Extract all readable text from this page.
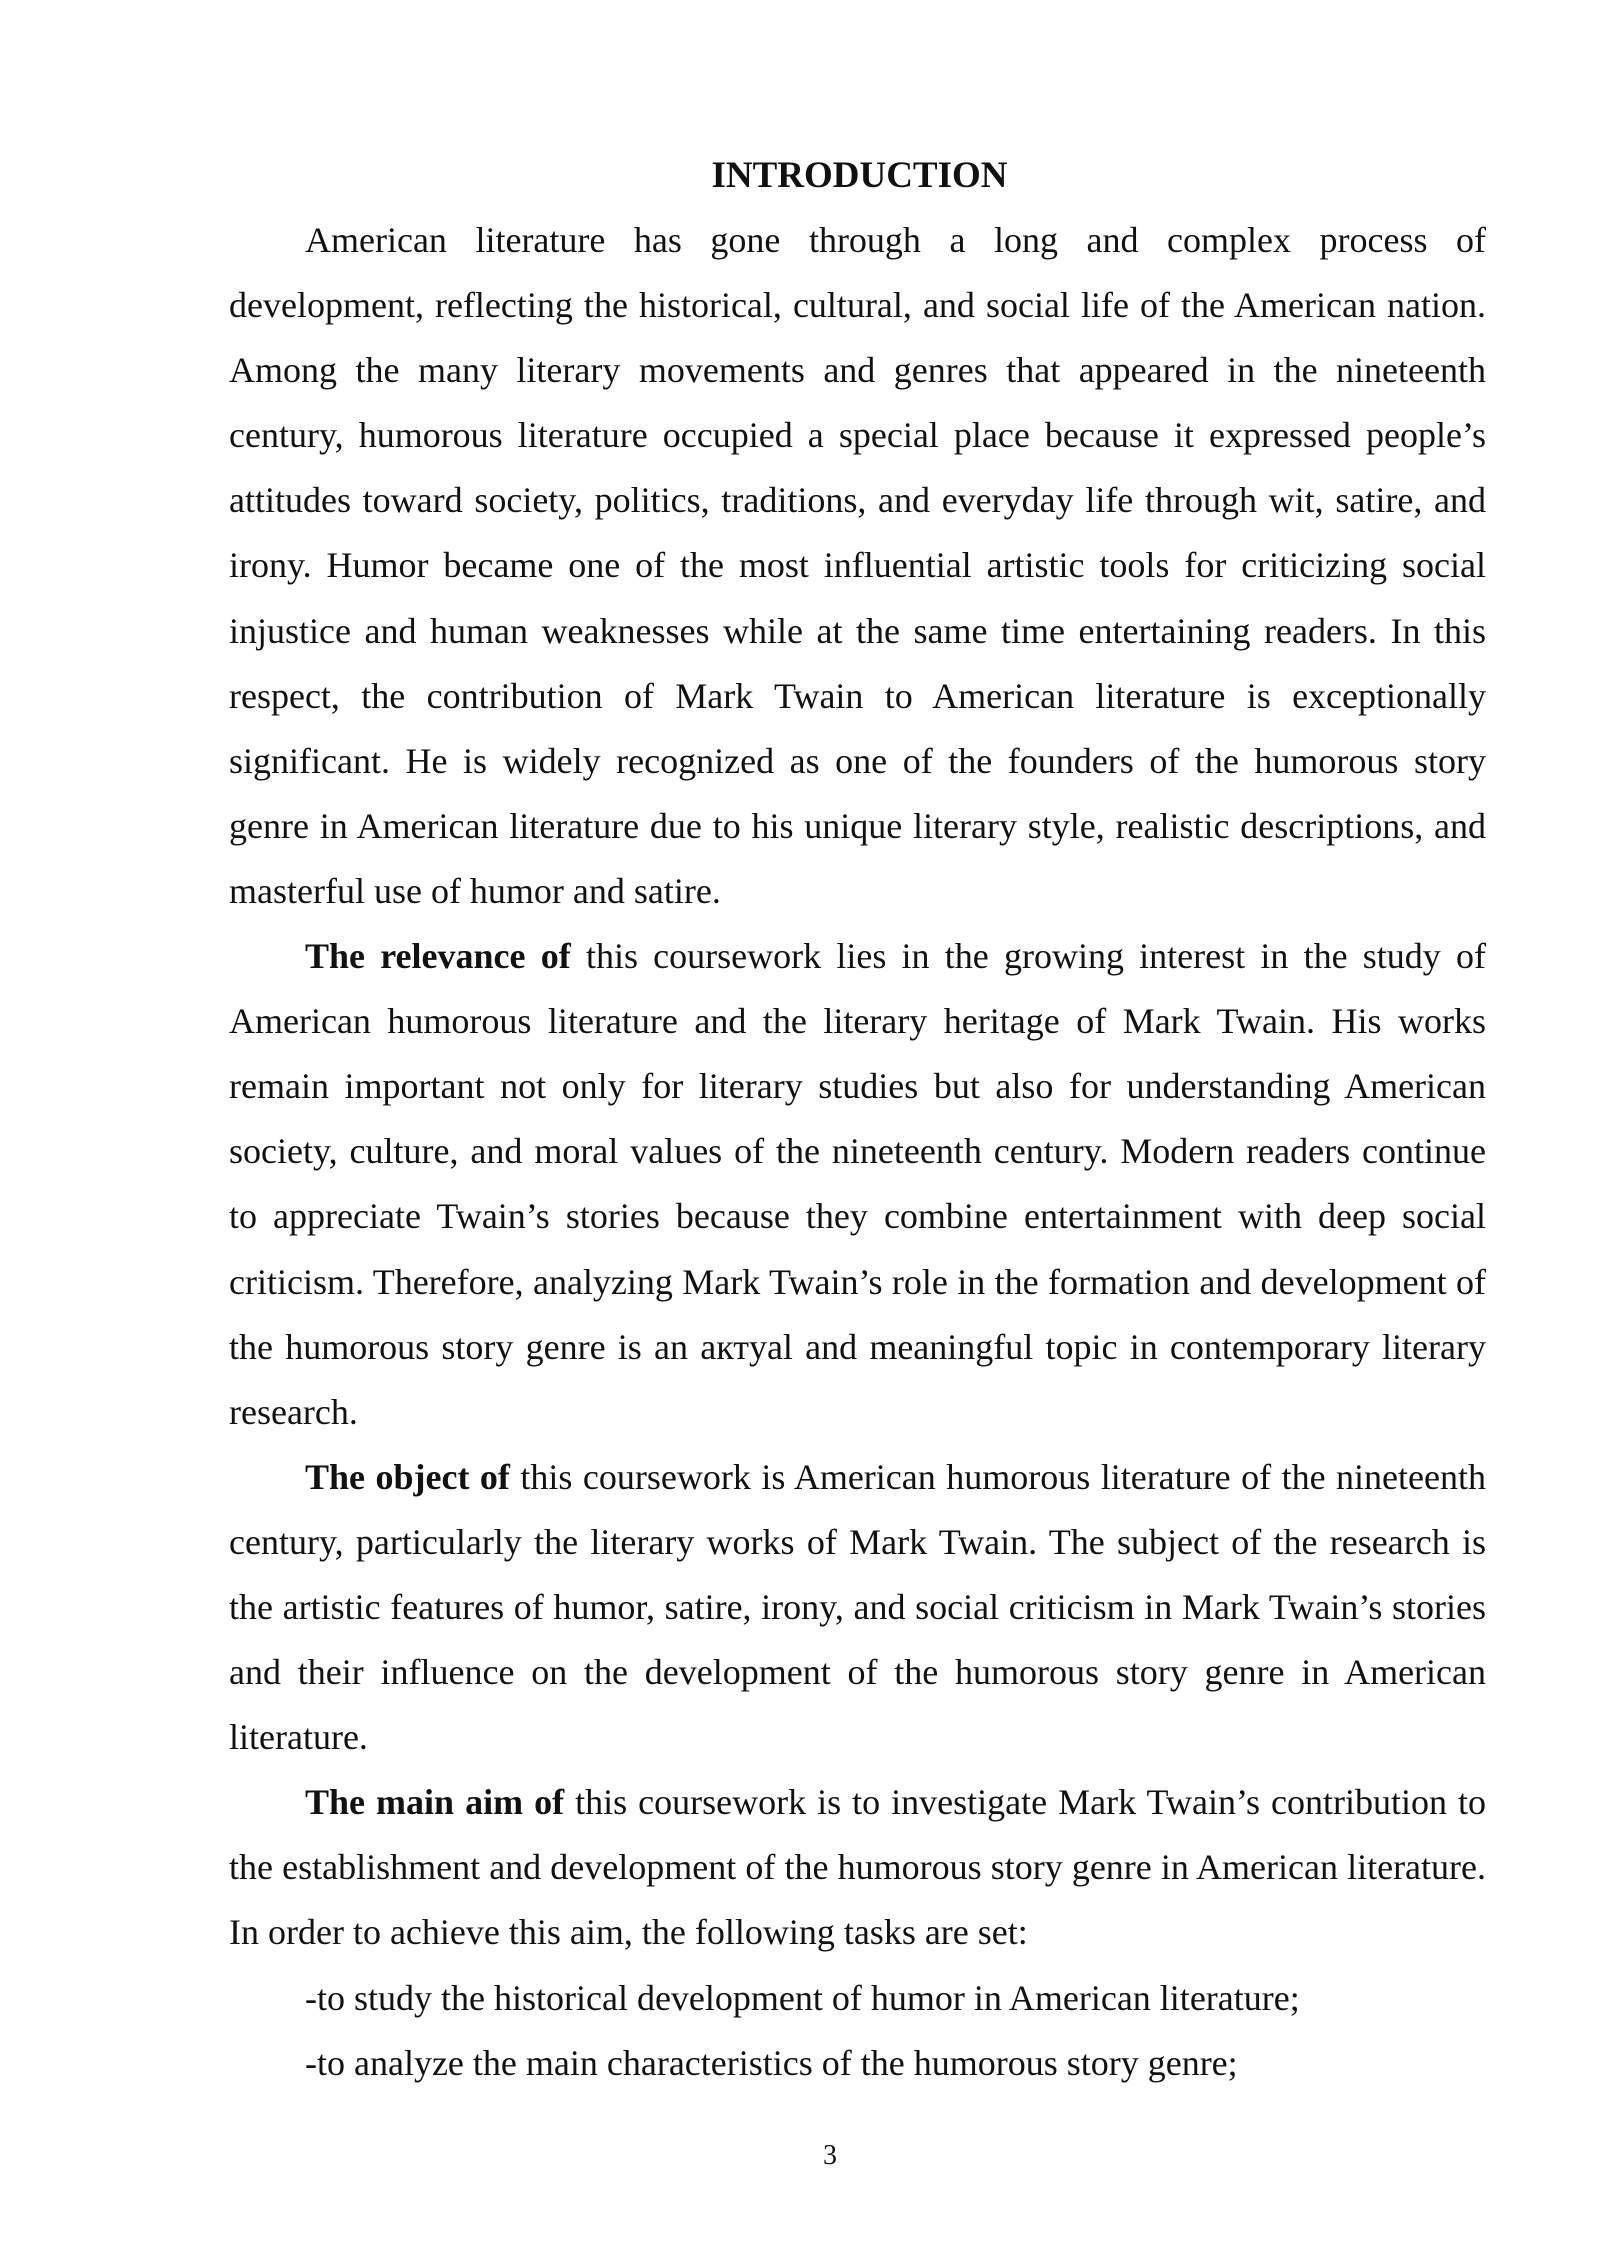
INTRODUCTION

American literature has gone through a long and complex process of development, reflecting the historical, cultural, and social life of the American nation. Among the many literary movements and genres that appeared in the nineteenth century, humorous literature occupied a special place because it expressed people’s attitudes toward society, politics, traditions, and everyday life through wit, satire, and irony. Humor became one of the most influential artistic tools for criticizing social injustice and human weaknesses while at the same time entertaining readers. In this respect, the contribution of Mark Twain to American literature is exceptionally significant. He is widely recognized as one of the founders of the humorous story genre in American literature due to his unique literary style, realistic descriptions, and masterful use of humor and satire.

The relevance of this coursework lies in the growing interest in the study of American humorous literature and the literary heritage of Mark Twain. His works remain important not only for literary studies but also for understanding American society, culture, and moral values of the nineteenth century. Modern readers continue to appreciate Twain’s stories because they combine entertainment with deep social criticism. Therefore, analyzing Mark Twain’s role in the formation and development of the humorous story genre is an актyal and meaningful topic in contemporary literary research.

The object of this coursework is American humorous literature of the nineteenth century, particularly the literary works of Mark Twain. The subject of the research is the artistic features of humor, satire, irony, and social criticism in Mark Twain’s stories and their influence on the development of the humorous story genre in American literature.

The main aim of this coursework is to investigate Mark Twain’s contribution to the establishment and development of the humorous story genre in American literature. In order to achieve this aim, the following tasks are set:

-to study the historical development of humor in American literature;

-to analyze the main characteristics of the humorous story genre;

3
